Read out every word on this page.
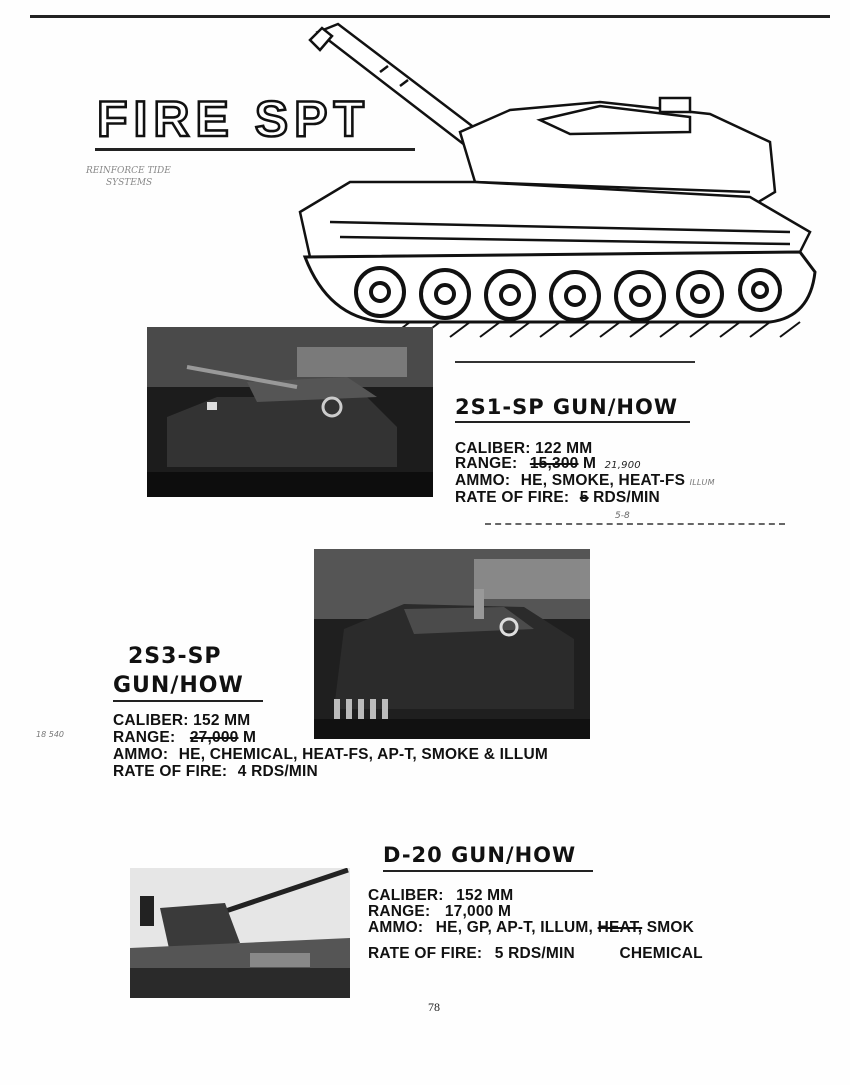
FIRE SPT
REINFORCE TIDE
SYSTEMS
2S1-SP GUN/HOW
CALIBER: 122 MM
RANGE: 15,300 M 21,900
AMMO: HE, SMOKE, HEAT-FS ILLUM
RATE OF FIRE: 5 RDS/MIN
5-8
2S3-SP
GUN/HOW
CALIBER: 152 MM
18 540	RANGE: 27,000 M
AMMO: HE, CHEMICAL, HEAT-FS, AP-T, SMOKE & ILLUM
RATE OF FIRE: 4 RDS/MIN
D-20 GUN/HOW
CALIBER: 152 MM
RANGE: 17,000 M
AMMO: HE, GP, AP-T, ILLUM, HEAT, SMOK
RATE OF FIRE: 5 RDS/MIN	CHEMICAL
78
